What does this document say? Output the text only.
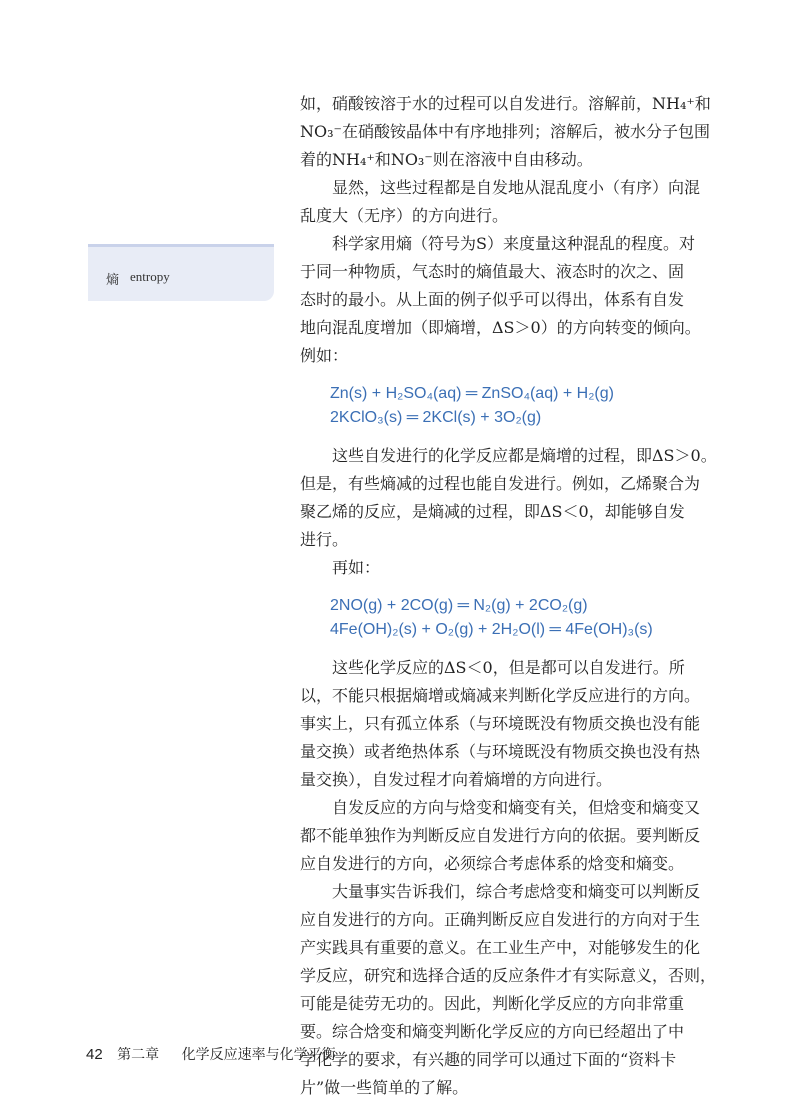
熵 entropy
如，硝酸铵溶于水的过程可以自发进行。溶解前，NH₄⁺和
NO₃⁻在硝酸铵晶体中有序地排列；溶解后，被水分子包围
着的NH₄⁺和NO₃⁻则在溶液中自由移动。
显然，这些过程都是自发地从混乱度小（有序）向混
乱度大（无序）的方向进行。
科学家用熵（符号为S）来度量这种混乱的程度。对
于同一种物质，气态时的熵值最大、液态时的次之、固
态时的最小。从上面的例子似乎可以得出，体系有自发
地向混乱度增加（即熵增，ΔS＞0）的方向转变的倾向。
例如：
Zn(s) + H₂SO₄(aq) ═ ZnSO₄(aq) + H₂(g)
2KClO₃(s) ═ 2KCl(s) + 3O₂(g)
这些自发进行的化学反应都是熵增的过程，即ΔS＞0。
但是，有些熵减的过程也能自发进行。例如，乙烯聚合为
聚乙烯的反应，是熵减的过程，即ΔS＜0，却能够自发
进行。
再如：
2NO(g) + 2CO(g) ═ N₂(g) + 2CO₂(g)
4Fe(OH)₂(s) + O₂(g) + 2H₂O(l) ═ 4Fe(OH)₃(s)
这些化学反应的ΔS＜0，但是都可以自发进行。所
以，不能只根据熵增或熵减来判断化学反应进行的方向。
事实上，只有孤立体系（与环境既没有物质交换也没有能
量交换）或者绝热体系（与环境既没有物质交换也没有热
量交换），自发过程才向着熵增的方向进行。
自发反应的方向与焓变和熵变有关，但焓变和熵变又
都不能单独作为判断反应自发进行方向的依据。要判断反
应自发进行的方向，必须综合考虑体系的焓变和熵变。
大量事实告诉我们，综合考虑焓变和熵变可以判断反
应自发进行的方向。正确判断反应自发进行的方向对于生
产实践具有重要的意义。在工业生产中，对能够发生的化
学反应，研究和选择合适的反应条件才有实际意义，否则，
可能是徒劳无功的。因此，判断化学反应的方向非常重
要。综合焓变和熵变判断化学反应的方向已经超出了中
学化学的要求，有兴趣的同学可以通过下面的“资料卡
片”做一些简单的了解。
42 第二章 化学反应速率与化学平衡
